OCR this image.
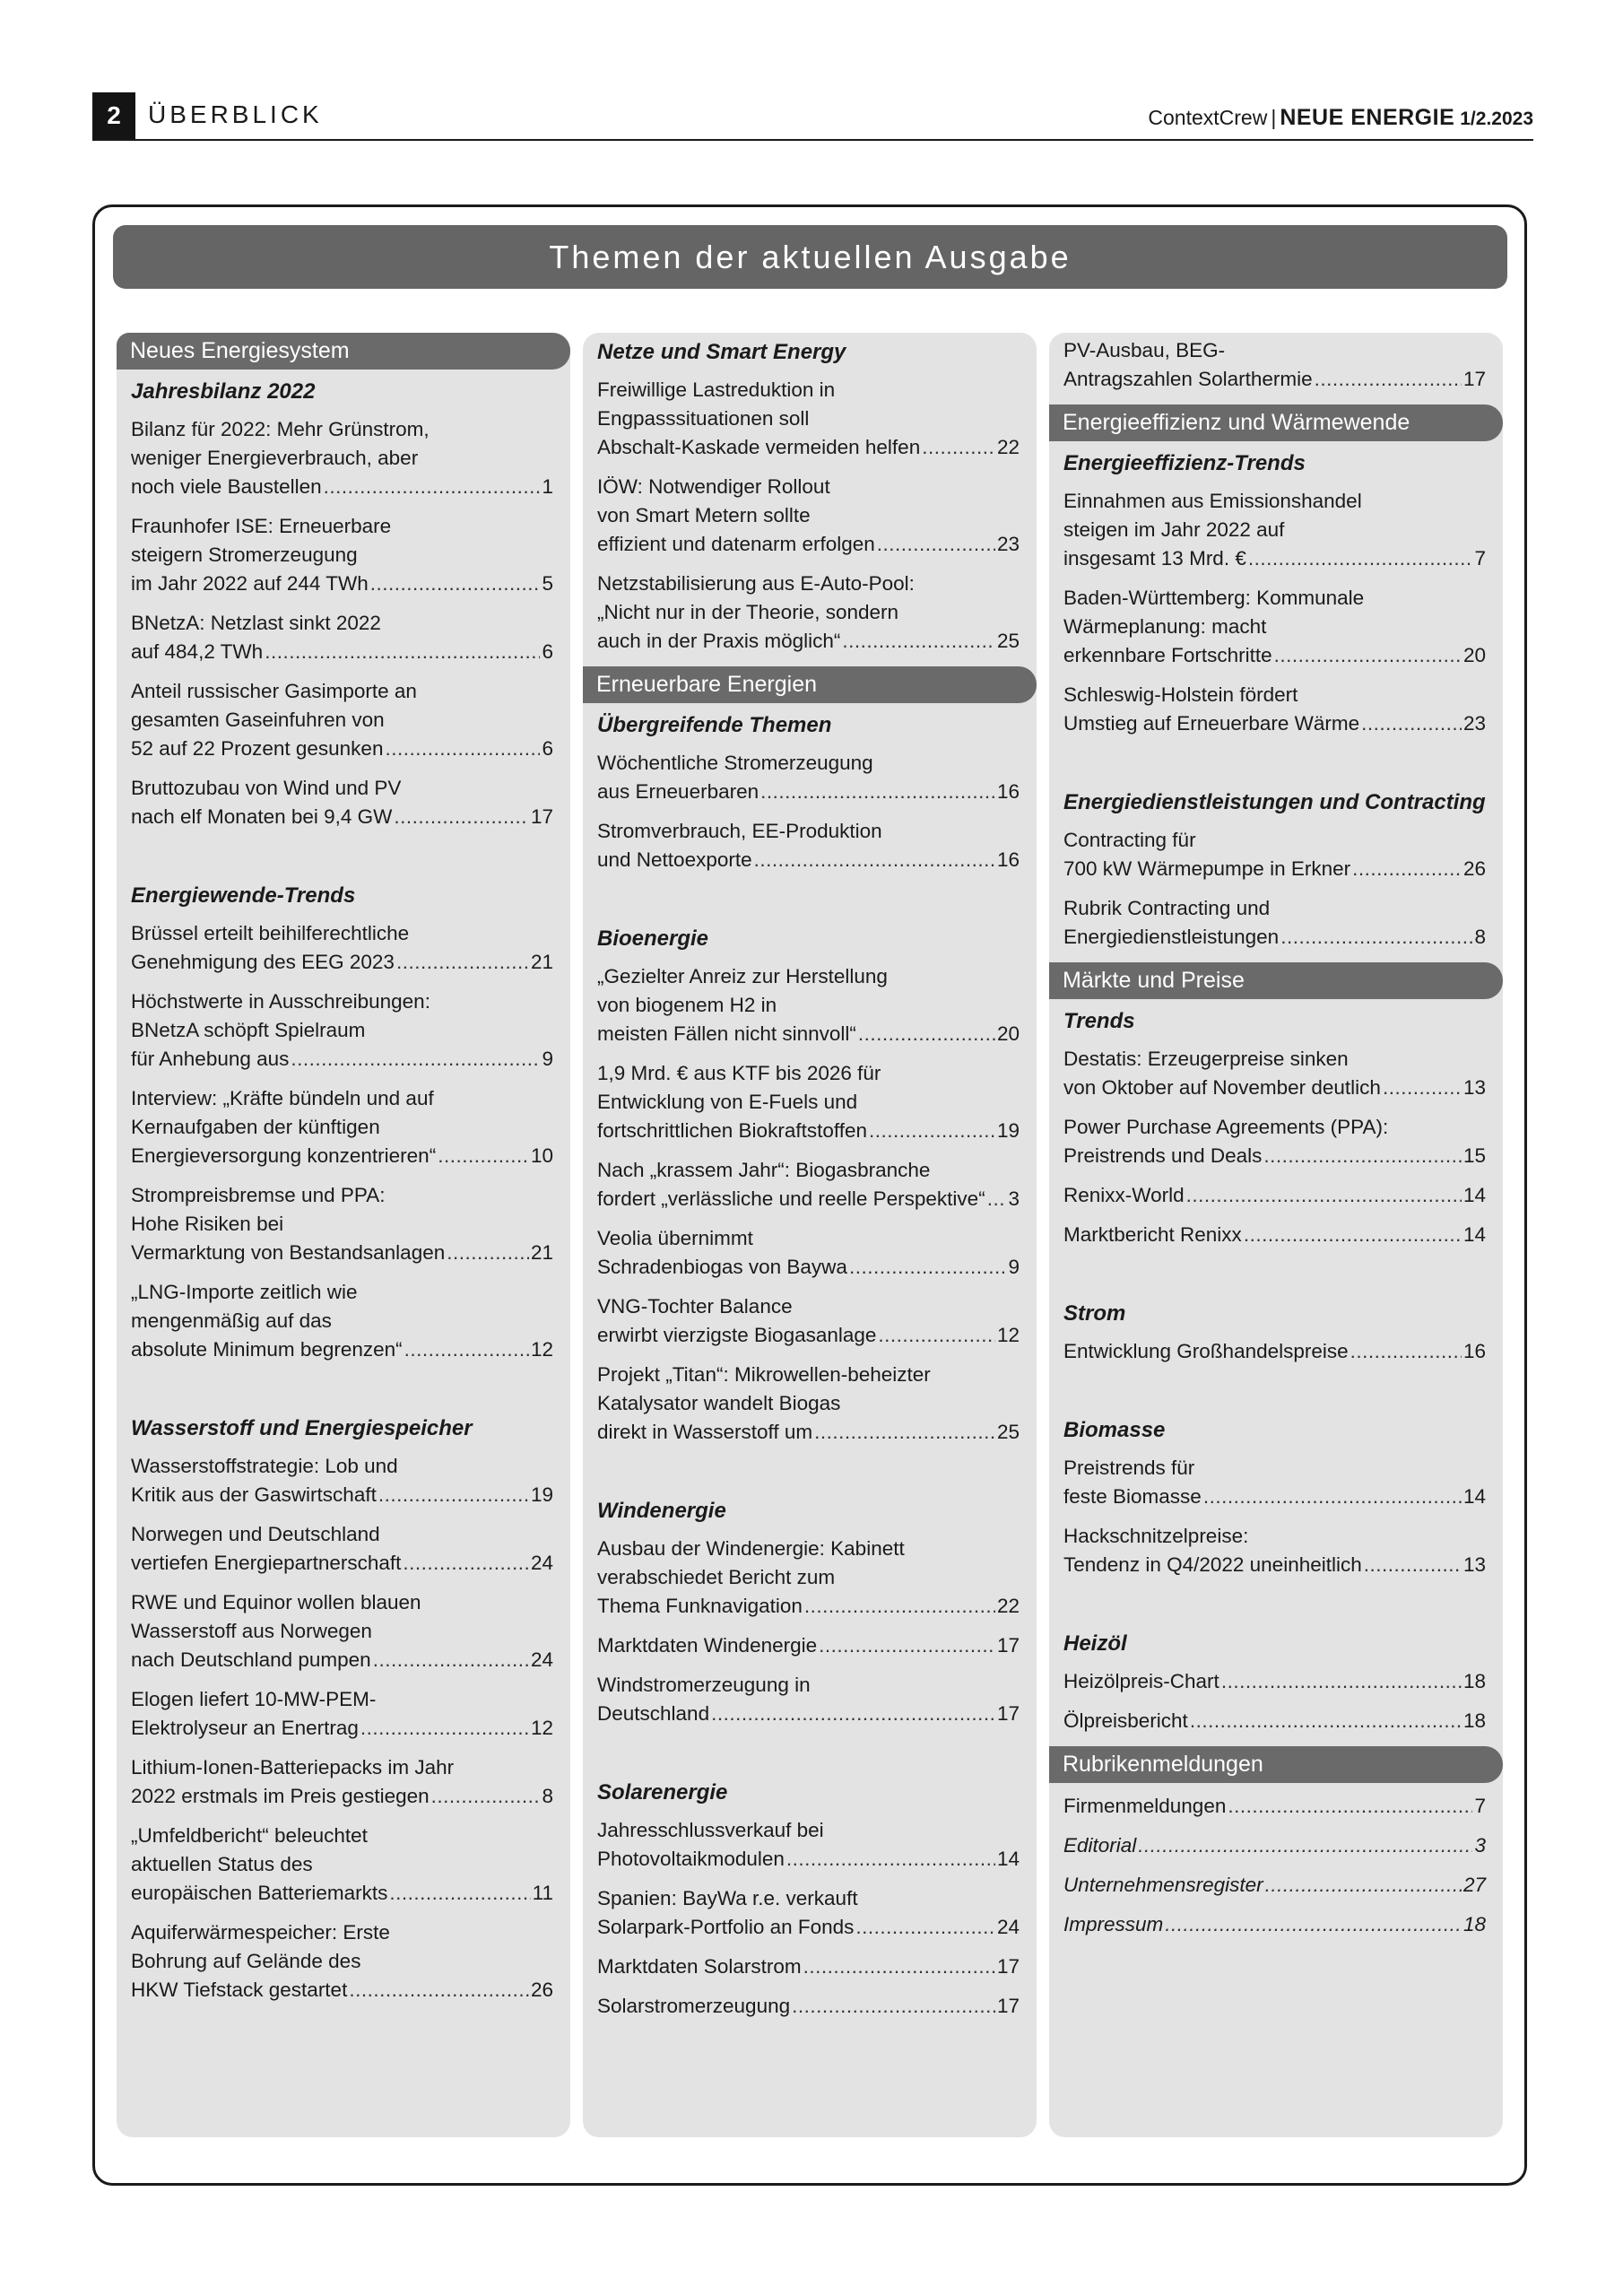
2	ÜBERBLICK	ContextCrew | NEUE ENERGIE 1/2.2023
Themen der aktuellen Ausgabe
Neues Energiesystem
Jahresbilanz 2022
Bilanz für 2022: Mehr Grünstrom,
weniger Energieverbrauch, aber
noch viele Baustellen .....	1
Fraunhofer ISE: Erneuerbare
steigern Stromerzeugung
im Jahr 2022 auf 244 TWh .....	5
BNetzA: Netzlast sinkt 2022
auf 484,2 TWh .....	6
Anteil russischer Gasimporte an
gesamten Gaseinfuhren von
52 auf 22 Prozent gesunken .....	6
Bruttozubau von Wind und PV
nach elf Monaten bei 9,4 GW .....	17
Energiewende-Trends
Brüssel erteilt beihilferechtliche
Genehmigung des EEG 2023 .....	21
Höchstwerte in Ausschreibungen:
BNetzA schöpft Spielraum
für Anhebung aus .....	9
Interview: „Kräfte bündeln und auf
Kernaufgaben der künftigen
Energieversorgung konzentrieren“ .....	10
Strompreisbremse und PPA:
Hohe Risiken bei
Vermarktung von Bestandsanlagen .....	21
„LNG-Importe zeitlich wie
mengenmäßig auf das
absolute Minimum begrenzen“ .....	12
Wasserstoff und Energiespeicher
Wasserstoffstrategie: Lob und
Kritik aus der Gaswirtschaft .....	19
Norwegen und Deutschland
vertiefen Energiepartnerschaft .....	24
RWE und Equinor wollen blauen
Wasserstoff aus Norwegen
nach Deutschland pumpen .....	24
Elogen liefert 10-MW-PEM-
Elektrolyseur an Enertrag .....	12
Lithium-Ionen-Batteriepacks im Jahr
2022 erstmals im Preis gestiegen .....	8
„Umfeldbericht“ beleuchtet
aktuellen Status des
europäischen Batteriemarkts .....	11
Aquiferwärmespeicher: Erste
Bohrung auf Gelände des
HKW Tiefstack gestartet .....	26
Netze und Smart Energy
Freiwillige Lastreduktion in
Engpasssituationen soll
Abschalt-Kaskade vermeiden helfen .....	22
IÖW: Notwendiger Rollout
von Smart Metern sollte
effizient und datenarm erfolgen .....	23
Netzstabilisierung aus E-Auto-Pool:
„Nicht nur in der Theorie, sondern
auch in der Praxis möglich“ .....	25
Erneuerbare Energien
Übergreifende Themen
Wöchentliche Stromerzeugung
aus Erneuerbaren .....	16
Stromverbrauch, EE-Produktion
und Nettoexporte .....	16
Bioenergie
„Gezielter Anreiz zur Herstellung
von biogenem H2 in
meisten Fällen nicht sinnvoll“ .....	20
1,9 Mrd. € aus KTF bis 2026 für
Entwicklung von E-Fuels und
fortschrittlichen Biokraftstoffen .....	19
Nach „krassem Jahr“: Biogasbranche
fordert „verlässliche und reelle Perspektive“ ..... 3
Veolia übernimmt
Schradenbiogas von Baywa .....	9
VNG-Tochter Balance
erwirbt vierzigste Biogasanlage .....	12
Projekt „Titan“: Mikrowellen-beheizter
Katalysator wandelt Biogas
direkt in Wasserstoff um .....	25
Windenergie
Ausbau der Windenergie: Kabinett
verabschiedet Bericht zum
Thema Funknavigation .....	22
Marktdaten Windenergie .....	17
Windstromerzeugung in
Deutschland .....	17
Solarenergie
Jahresschlussverkauf bei
Photovoltaikmodulen .....	14
Spanien: BayWa r.e. verkauft
Solarpark-Portfolio an Fonds .....	24
Marktdaten Solarstrom .....	17
Solarstromerzeugung .....	17
PV-Ausbau, BEG-
Antragszahlen Solarthermie .....	17
Energieeffizienz und Wärmewende
Energieeffizienz-Trends
Einnahmen aus Emissionshandel
steigen im Jahr 2022 auf
insgesamt 13 Mrd. € .....	7
Baden-Württemberg: Kommunale
Wärmeplanung: macht
erkennbare Fortschritte .....	20
Schleswig-Holstein fördert
Umstieg auf Erneuerbare Wärme .....	23
Energiedienstleistungen und Contracting
Contracting für
700 kW Wärmepumpe in Erkner .....	26
Rubrik Contracting und
Energiedienstleistungen .....	8
Märkte und Preise
Trends
Destatis: Erzeugerpreise sinken
von Oktober auf November deutlich .....	13
Power Purchase Agreements (PPA):
Preistrends und Deals .....	15
Renixx-World .....	14
Marktbericht Renixx .....	14
Strom
Entwicklung Großhandelspreise .....	16
Biomasse
Preistrends für
feste Biomasse .....	14
Hackschnitzelpreise:
Tendenz in Q4/2022 uneinheitlich .....	13
Heizöl
Heizölpreis-Chart .....	18
Ölpreisbericht .....	18
Rubrikenmeldungen
Firmenmeldungen .....	7
Editorial .....	3
Unternehmensregister .....	27
Impressum .....	18
